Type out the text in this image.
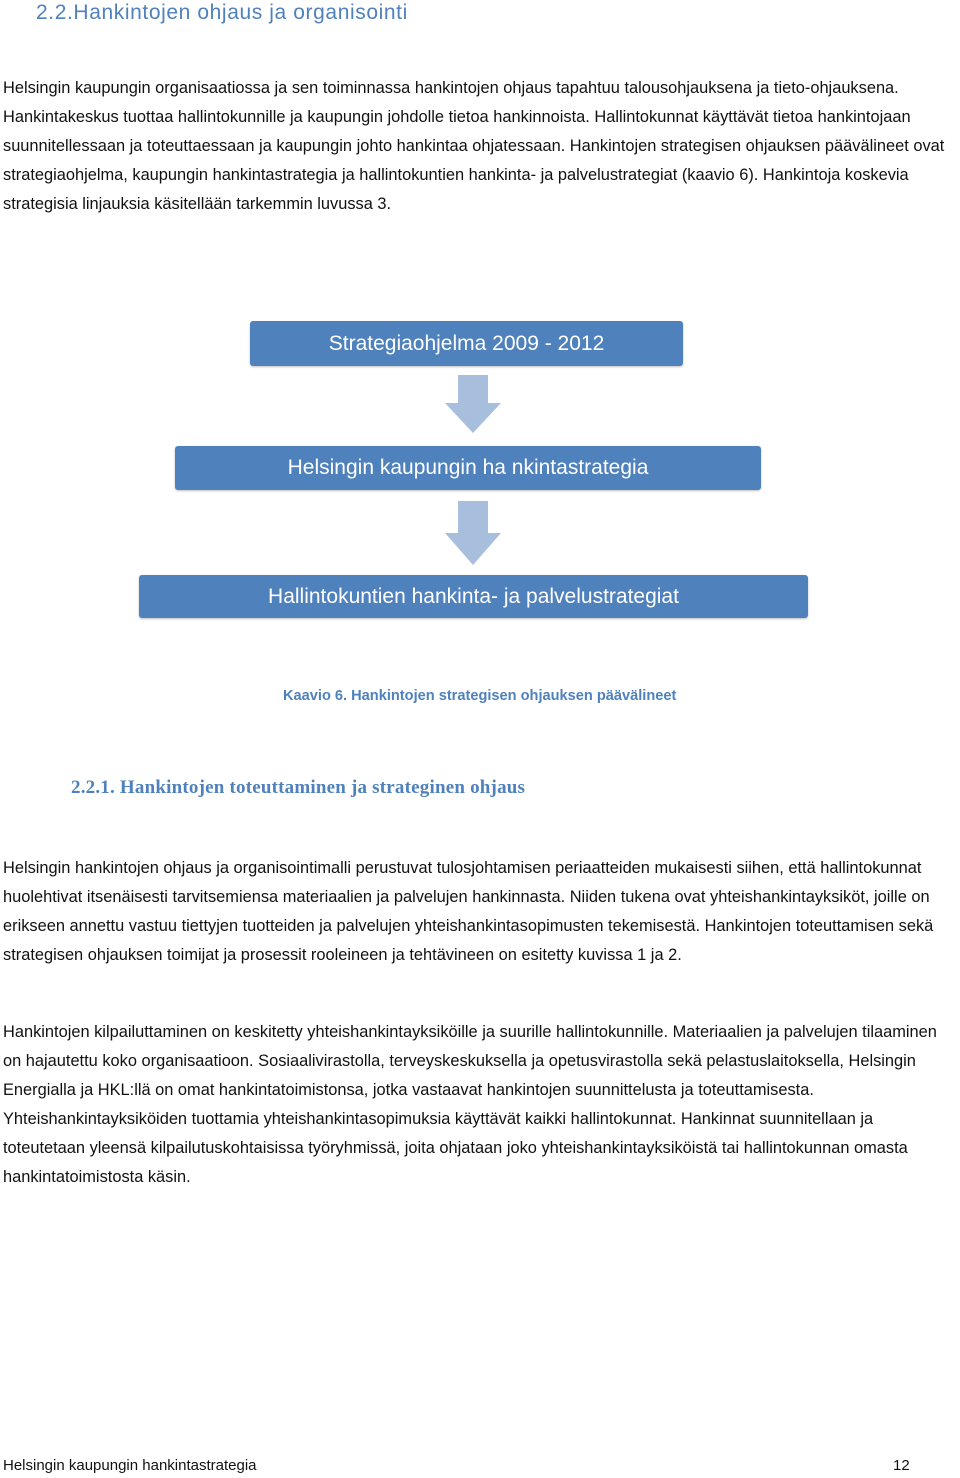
2.2.Hankintojen ohjaus ja organisointi

Helsingin kaupungin organisaatiossa ja sen toiminnassa hankintojen ohjaus tapahtuu talousohjauksena ja tieto-ohjauksena. Hankintakeskus tuottaa hallintokunnille ja kaupungin johdolle tietoa hankinnoista. Hallintokunnat käyttävät tietoa hankintojaan suunnitellessaan ja toteuttaessaan ja kaupungin johto hankintaa ohjatessaan. Hankintojen strategisen ohjauksen päävälineet ovat strategiaohjelma, kaupungin hankintastrategia ja hallintokuntien hankinta- ja palvelustrategiat (kaavio 6). Hankintoja koskevia strategisia linjauksia käsitellään tarkemmin luvussa 3.

Strategiaohjelma 2009 - 2012
Helsingin kaupungin ha nkintastrategia
Hallintokuntien hankinta- ja palvelustrategiat
Kaavio 6. Hankintojen strategisen ohjauksen päävälineet
2.2.1. Hankintojen toteuttaminen ja strateginen ohjaus

Helsingin hankintojen ohjaus ja organisointimalli perustuvat tulosjohtamisen periaatteiden mukaisesti siihen, että hallintokunnat huolehtivat itsenäisesti tarvitsemiensa materiaalien ja palvelujen hankinnasta. Niiden tukena ovat yhteishankintayksiköt, joille on erikseen annettu vastuu tiettyjen tuotteiden ja palvelujen yhteishankintasopimusten tekemisestä. Hankintojen toteuttamisen sekä strategisen ohjauksen toimijat ja prosessit rooleineen ja tehtävineen on esitetty kuvissa 1 ja 2.

Hankintojen kilpailuttaminen on keskitetty yhteishankintayksiköille ja suurille hallintokunnille. Materiaalien ja palvelujen tilaaminen on hajautettu koko organisaatioon. Sosiaalivirastolla, terveyskeskuksella ja opetusvirastolla sekä pelastuslaitoksella, Helsingin Energialla ja HKL:llä on omat hankintatoimistonsa, jotka vastaavat hankintojen suunnittelusta ja toteuttamisesta. Yhteishankintayksiköiden tuottamia yhteishankintasopimuksia käyttävät kaikki hallintokunnat. Hankinnat suunnitellaan ja toteutetaan yleensä kilpailutuskohtaisissa työryhmissä, joita ohjataan joko yhteishankintayksiköistä tai hallintokunnan omasta hankintatoimistosta käsin.

Helsingin kaupungin hankintastrategia	12
